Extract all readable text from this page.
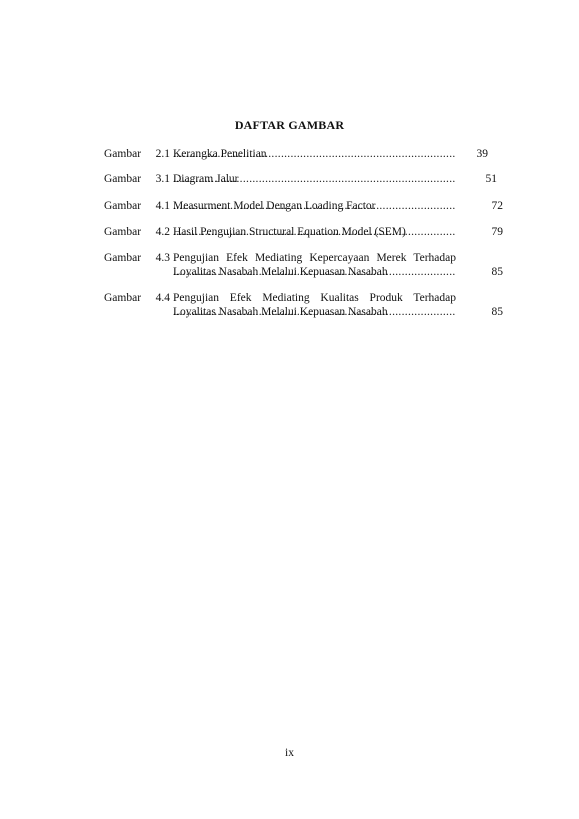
DAFTAR GAMBAR
Gambar 2.1 Kerangka Penelitian .....	39
Gambar 3.1 Diagram Jalur .....	51
Gambar 4.1 Measurment Model Dengan Loading Factor .....	72
Gambar 4.2 Hasil Pengujian Structural Equation Model (SEM) .....	79
Gambar 4.3 Pengujian Efek Mediating Kepercayaan Merek Terhadap
Loyalitas Nasabah Melalui Kepuasan Nasabah .....	85
Gambar 4.4 Pengujian Efek Mediating Kualitas Produk Terhadap
Loyalitas Nasabah Melalui Kepuasan Nasabah .....	85
ix
